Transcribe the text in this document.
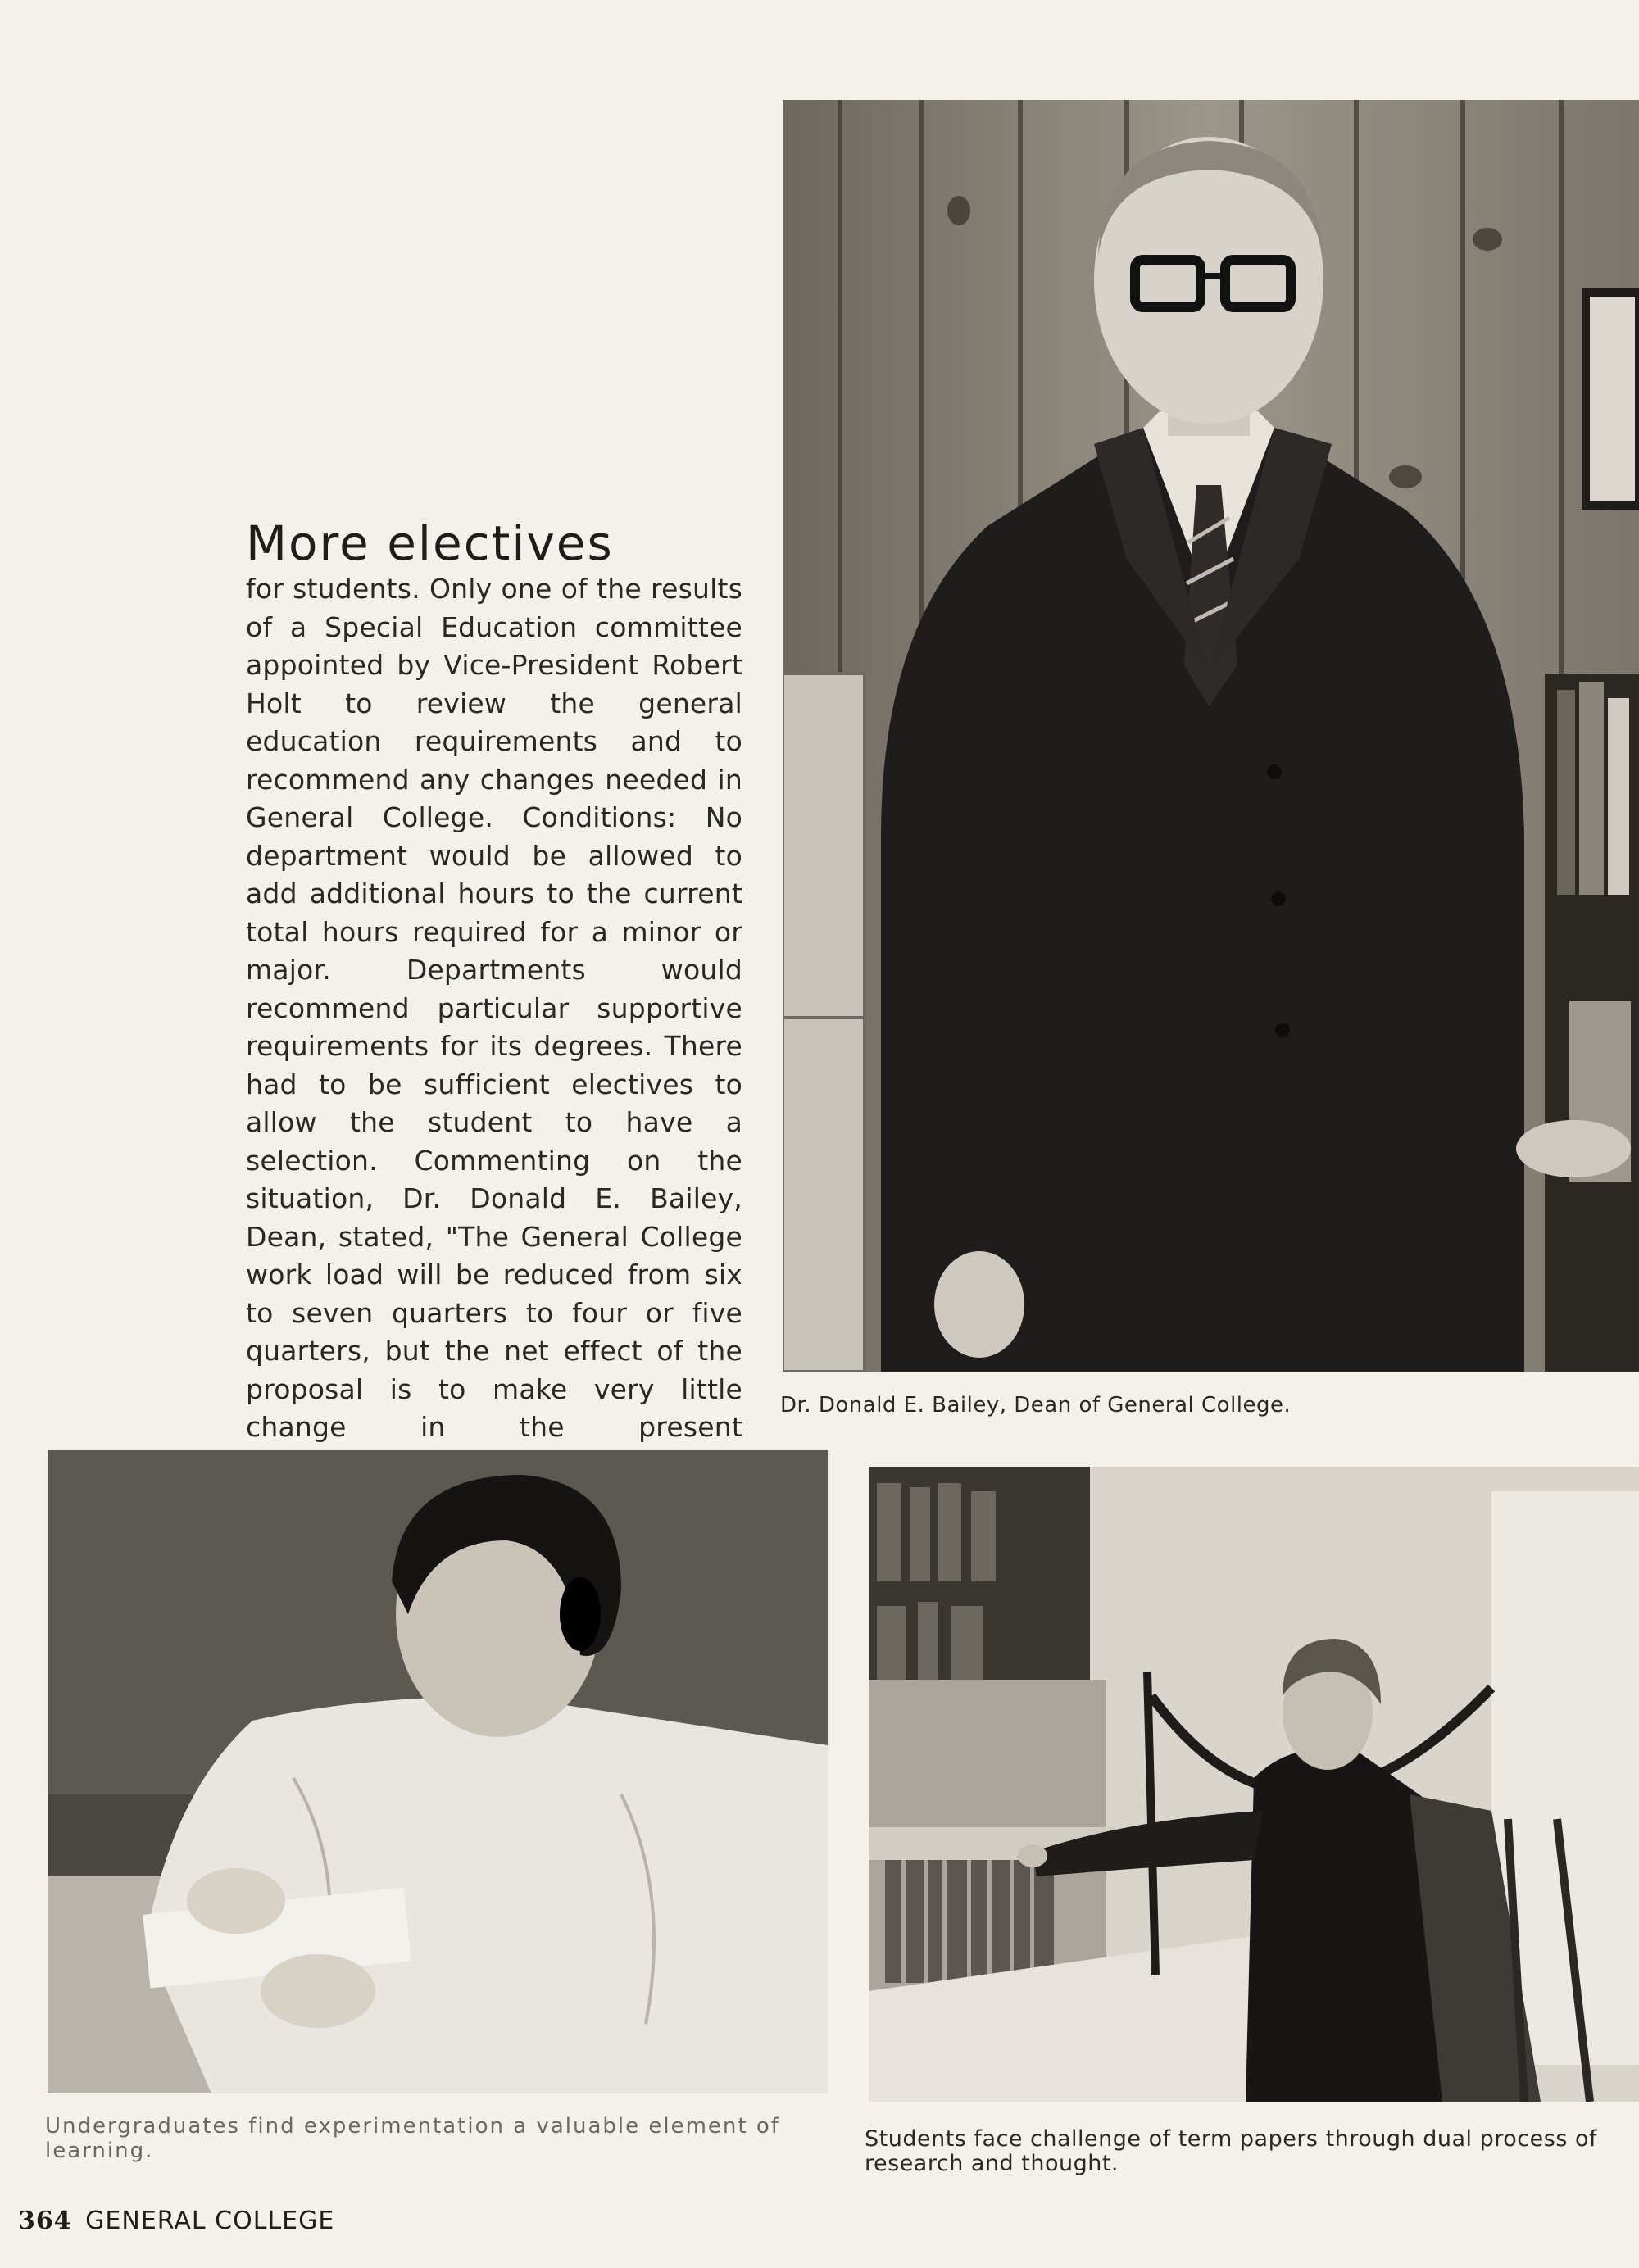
More electives

for students. Only one of the results of a Special Education committee appointed by Vice-President Robert Holt to review the general education requirements and to recommend any changes needed in General College. Conditions: No department would be allowed to add additional hours to the current total hours required for a minor or major. Departments would recommend particular supportive requirements for its degrees. There had to be sufficient electives to allow the student to have a selection. Commenting on the situation, Dr. Donald E. Bailey, Dean, stated, "The General College work load will be reduced from six to seven quarters to four or five quarters, but the net effect of the proposal is to make very little change in the present

Dr. Donald E. Bailey, Dean of General College.
Undergraduates find experimentation a valuable element of learning.	Students face challenge of term papers through dual process of research and thought.
364 GENERAL COLLEGE
